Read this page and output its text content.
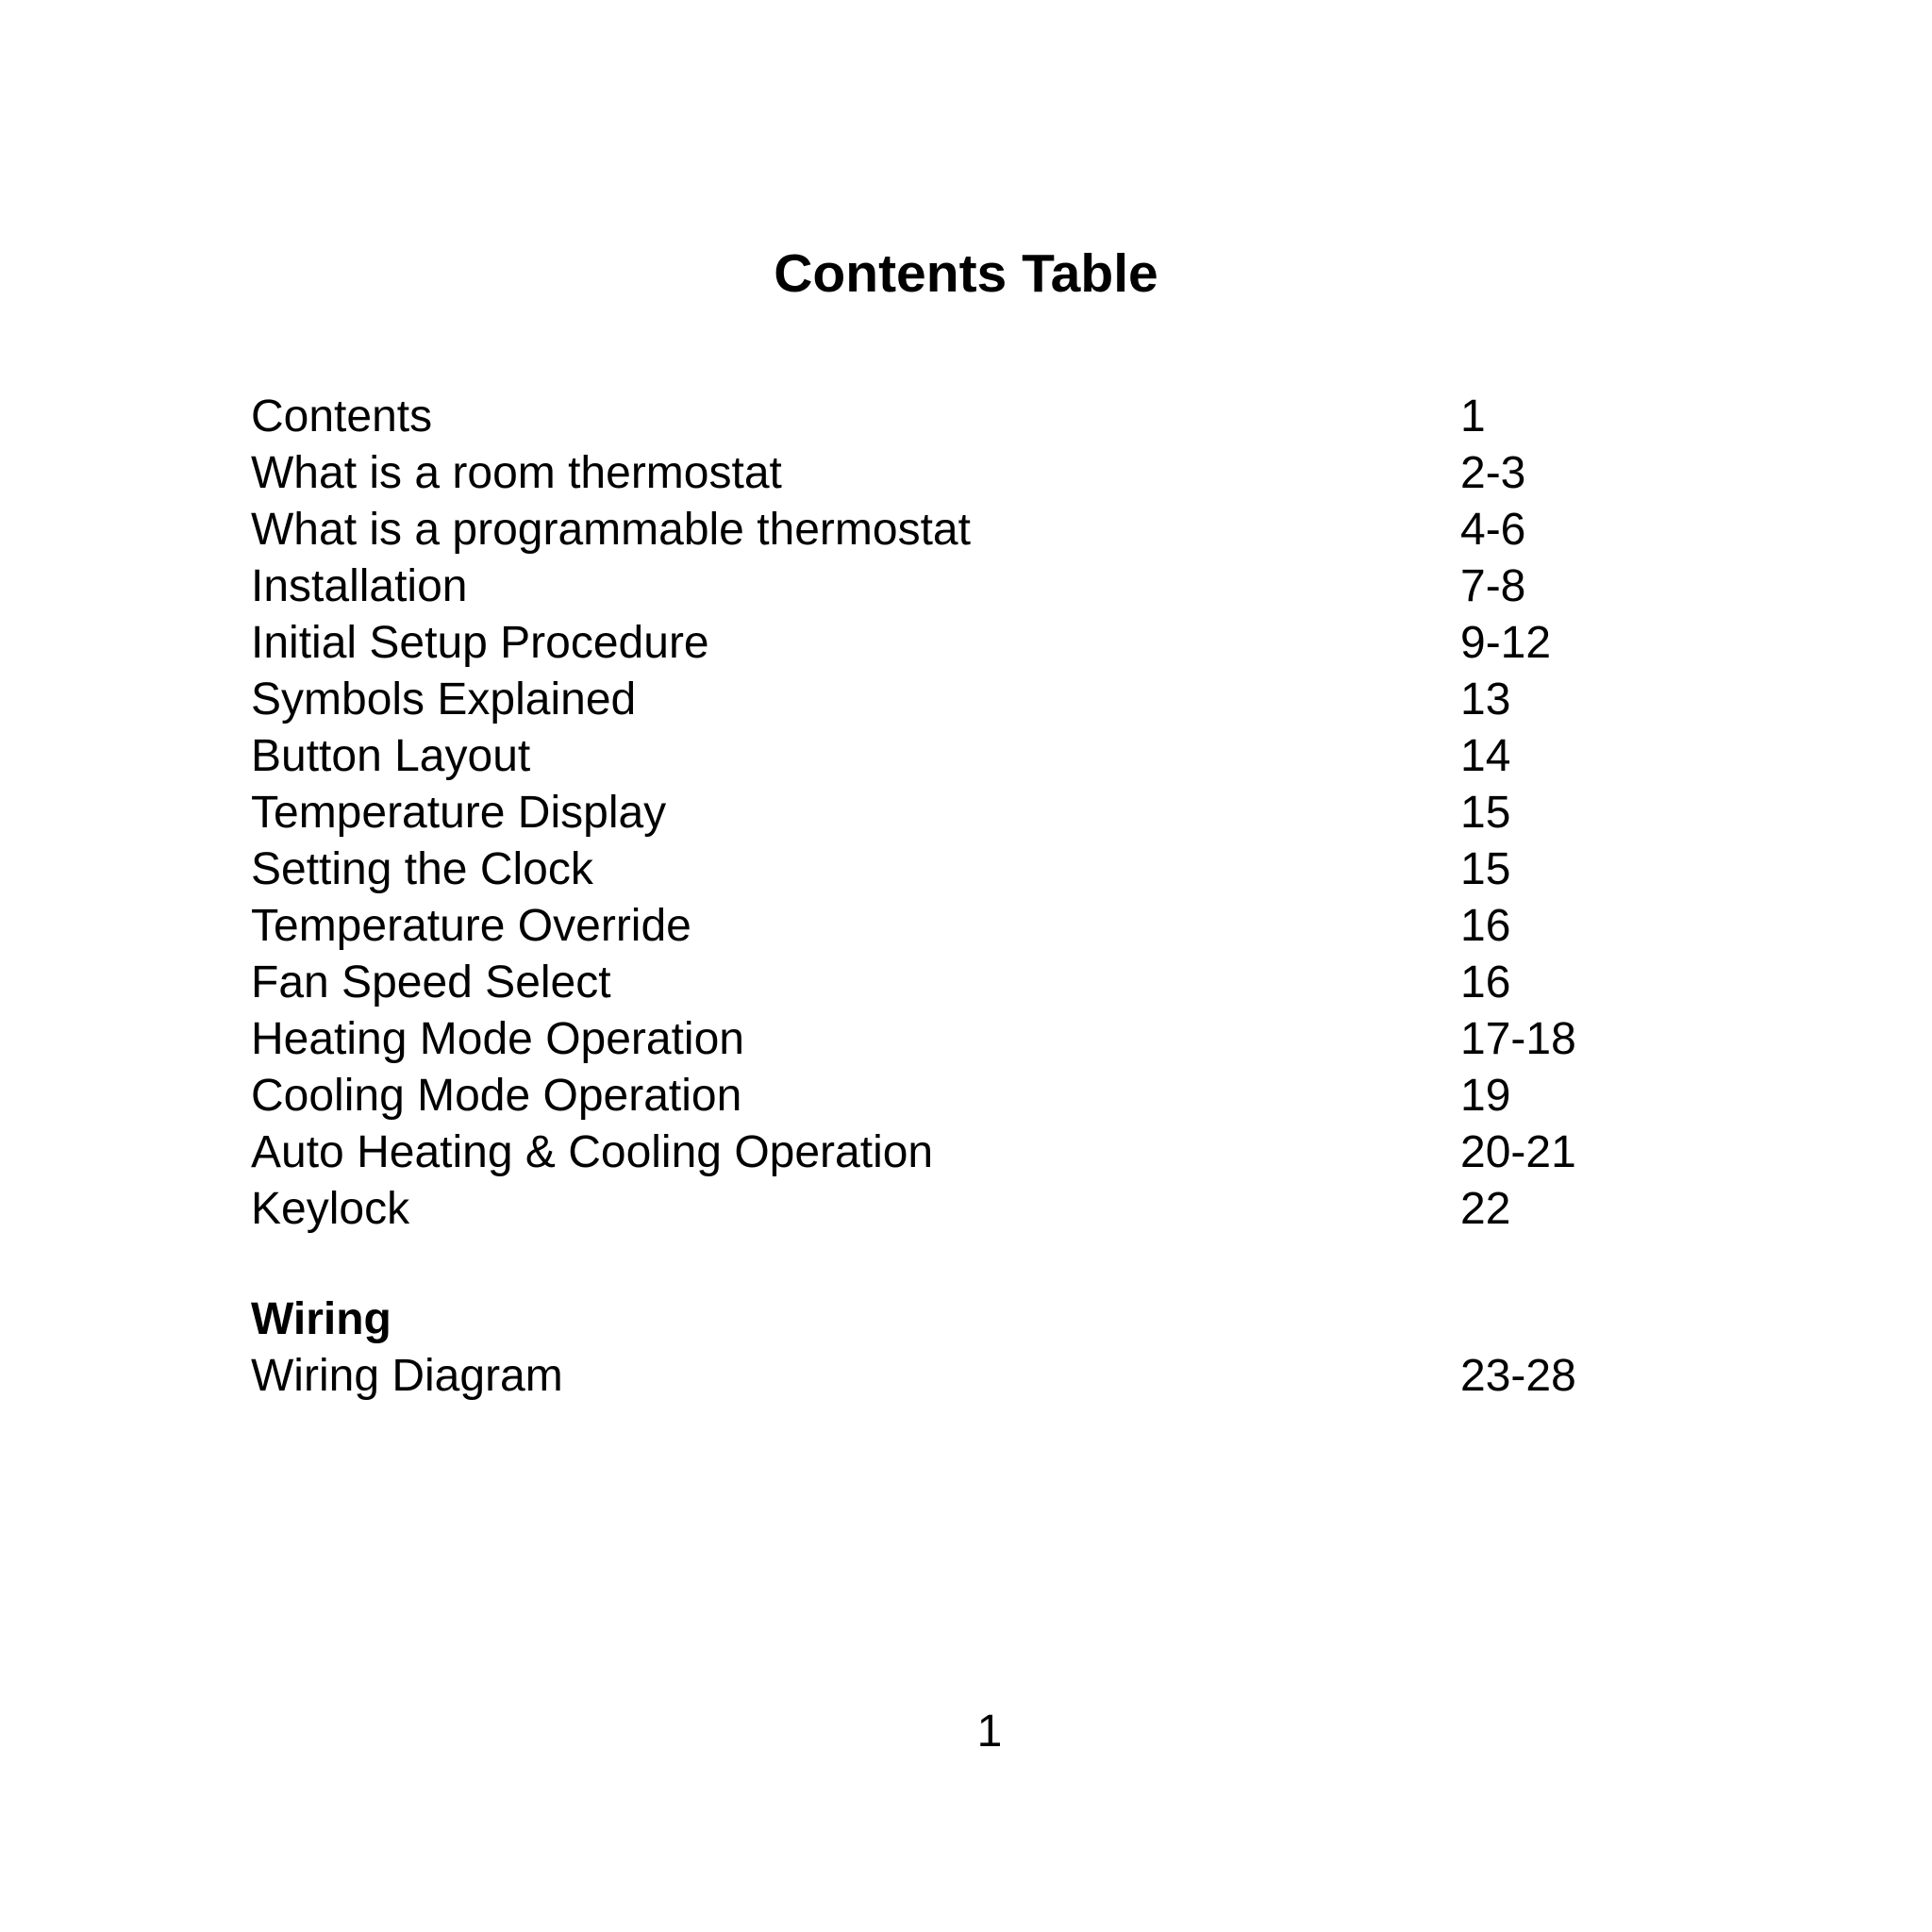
Contents Table
Contents	1
What is a room thermostat	2-3
What is a programmable thermostat	4-6
Installation	7-8
Initial Setup Procedure	9-12
Symbols Explained	13
Button Layout	14
Temperature Display	15
Setting the Clock	15
Temperature Override	16
Fan Speed Select	16
Heating Mode Operation	17-18
Cooling Mode Operation	19
Auto Heating & Cooling Operation	20-21
Keylock	22
Wiring
Wiring Diagram	23-28
1
